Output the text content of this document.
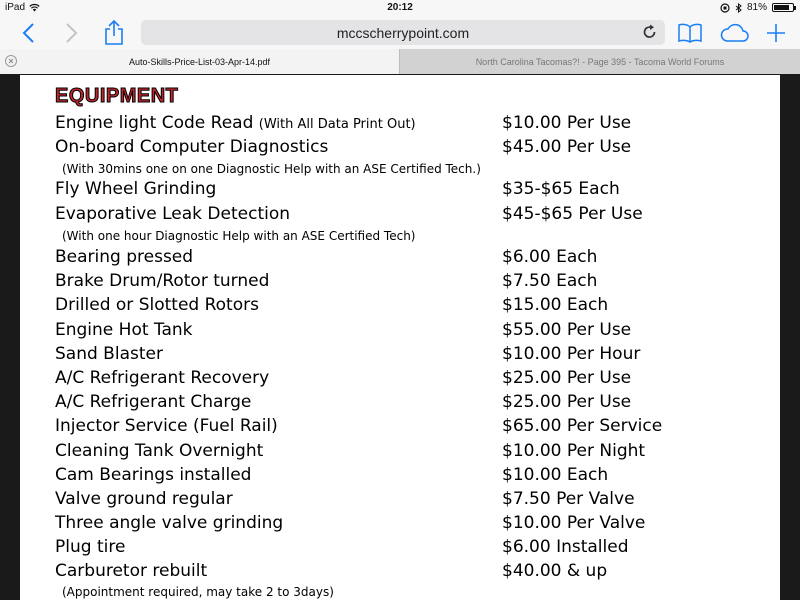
iPad	20:12	81%
mccscherrypoint.com
Auto-Skills-Price-List-03-Apr-14.pdf	North Carolina Tacomas?! - Page 395 - Tacoma World Forums
EQUIPMENT
Engine light Code Read (With All Data Print Out)	$10.00 Per Use
On-board Computer Diagnostics	$45.00 Per Use
(With 30mins one on one Diagnostic Help with an ASE Certified Tech.)
Fly Wheel Grinding	$35-$65 Each
Evaporative Leak Detection	$45-$65 Per Use
(With one hour Diagnostic Help with an ASE Certified Tech)
Bearing pressed	$6.00 Each
Brake Drum/Rotor turned	$7.50 Each
Drilled or Slotted Rotors	$15.00 Each
Engine Hot Tank	$55.00 Per Use
Sand Blaster	$10.00 Per Hour
A/C Refrigerant Recovery	$25.00 Per Use
A/C Refrigerant Charge	$25.00 Per Use
Injector Service (Fuel Rail)	$65.00 Per Service
Cleaning Tank Overnight	$10.00 Per Night
Cam Bearings installed	$10.00 Each
Valve ground regular	$7.50 Per Valve
Three angle valve grinding	$10.00 Per Valve
Plug tire	$6.00 Installed
Carburetor rebuilt	$40.00 & up
(Appointment required, may take 2 to 3days)
